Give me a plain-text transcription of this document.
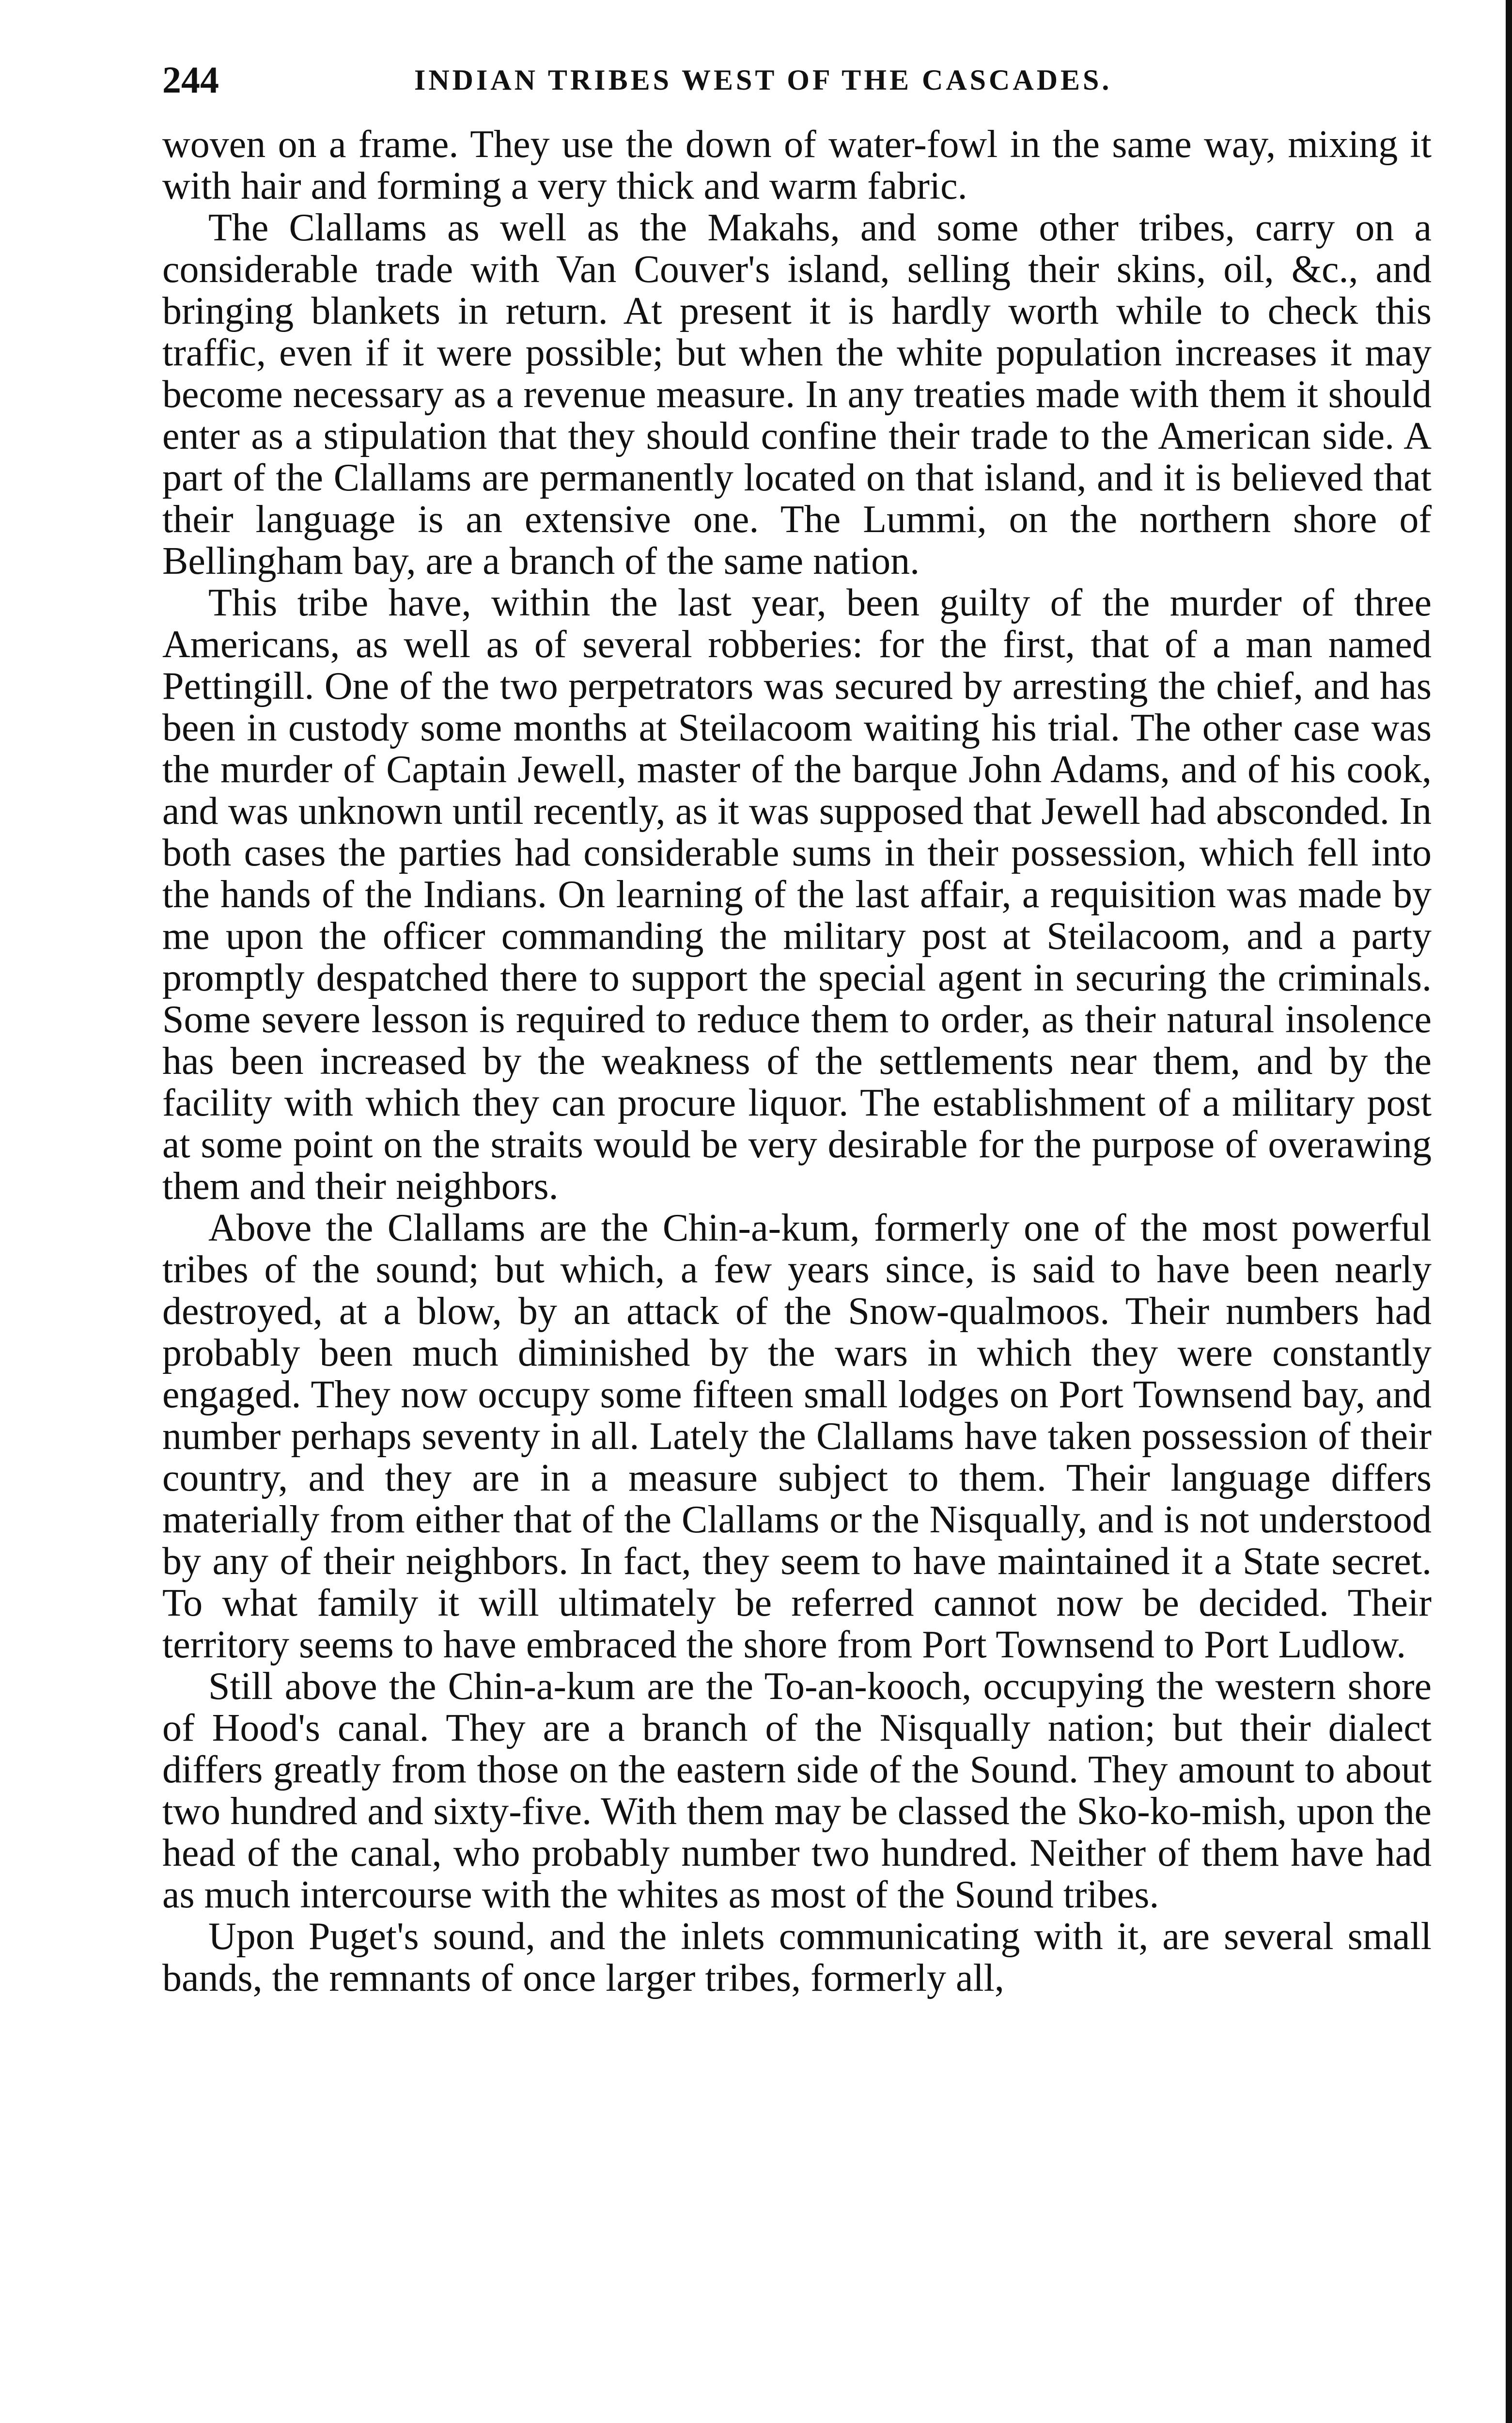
244	INDIAN TRIBES WEST OF THE CASCADES.

woven on a frame. They use the down of water-fowl in the same way, mixing it with hair and forming a very thick and warm fabric.

The Clallams as well as the Makahs, and some other tribes, carry on a considerable trade with Van Couver's island, selling their skins, oil, &c., and bringing blankets in return. At present it is hardly worth while to check this traffic, even if it were possible; but when the white population increases it may become necessary as a revenue measure. In any treaties made with them it should enter as a stipulation that they should confine their trade to the American side. A part of the Clallams are permanently located on that island, and it is believed that their language is an extensive one. The Lummi, on the northern shore of Bellingham bay, are a branch of the same nation.

This tribe have, within the last year, been guilty of the murder of three Americans, as well as of several robberies: for the first, that of a man named Pettingill. One of the two perpetrators was secured by arresting the chief, and has been in custody some months at Steilacoom waiting his trial. The other case was the murder of Captain Jewell, master of the barque John Adams, and of his cook, and was unknown until recently, as it was supposed that Jewell had absconded. In both cases the parties had considerable sums in their possession, which fell into the hands of the Indians. On learning of the last affair, a requisition was made by me upon the officer commanding the military post at Steilacoom, and a party promptly despatched there to support the special agent in securing the criminals. Some severe lesson is required to reduce them to order, as their natural insolence has been increased by the weakness of the settlements near them, and by the facility with which they can procure liquor. The establishment of a military post at some point on the straits would be very desirable for the purpose of overawing them and their neighbors.

Above the Clallams are the Chin-a-kum, formerly one of the most powerful tribes of the sound; but which, a few years since, is said to have been nearly destroyed, at a blow, by an attack of the Snow-qualmoos. Their numbers had probably been much diminished by the wars in which they were constantly engaged. They now occupy some fifteen small lodges on Port Townsend bay, and number perhaps seventy in all. Lately the Clallams have taken possession of their country, and they are in a measure subject to them. Their language differs materially from either that of the Clallams or the Nisqually, and is not understood by any of their neighbors. In fact, they seem to have maintained it a State secret. To what family it will ultimately be referred cannot now be decided. Their territory seems to have embraced the shore from Port Townsend to Port Ludlow.

Still above the Chin-a-kum are the To-an-kooch, occupying the western shore of Hood's canal. They are a branch of the Nisqually nation; but their dialect differs greatly from those on the eastern side of the Sound. They amount to about two hundred and sixty-five. With them may be classed the Sko-ko-mish, upon the head of the canal, who probably number two hundred. Neither of them have had as much intercourse with the whites as most of the Sound tribes.

Upon Puget's sound, and the inlets communicating with it, are several small bands, the remnants of once larger tribes, formerly all,
